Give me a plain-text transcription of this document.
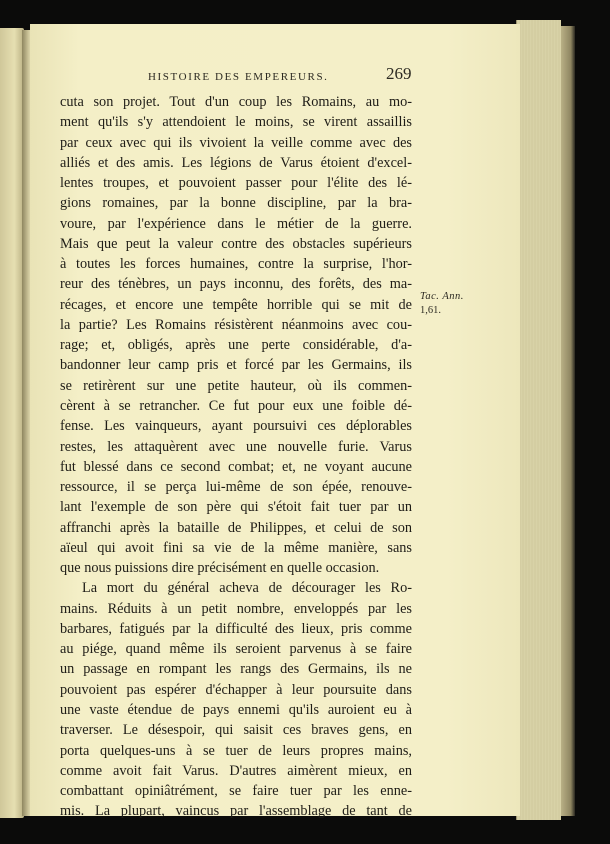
HISTOIRE DES EMPEREURS.	269
cuta son projet. Tout d'un coup les Romains, au mo-
ment qu'ils s'y attendoient le moins, se virent assaillis
par ceux avec qui ils vivoient la veille comme avec des
alliés et des amis. Les légions de Varus étoient d'excel-
lentes troupes, et pouvoient passer pour l'élite des lé-
gions romaines, par la bonne discipline, par la bra-
voure, par l'expérience dans le métier de la guerre.
Mais que peut la valeur contre des obstacles supérieurs
à toutes les forces humaines, contre la surprise, l'hor-
reur des ténèbres, un pays inconnu, des forêts, des ma-
récages, et encore une tempête horrible qui se mit de
la partie? Les Romains résistèrent néanmoins avec cou-
rage; et, obligés, après une perte considérable, d'a-
bandonner leur camp pris et forcé par les Germains, ils
se retirèrent sur une petite hauteur, où ils commen-
cèrent à se retrancher. Ce fut pour eux une foible dé-
fense. Les vainqueurs, ayant poursuivi ces déplorables
restes, les attaquèrent avec une nouvelle furie. Varus
fut blessé dans ce second combat; et, ne voyant aucune
ressource, il se perça lui-même de son épée, renouve-
lant l'exemple de son père qui s'étoit fait tuer par un
affranchi après la bataille de Philippes, et celui de son
aïeul qui avoit fini sa vie de la même manière, sans
que nous puissions dire précisément en quelle occasion.
La mort du général acheva de décourager les Ro-
mains. Réduits à un petit nombre, enveloppés par les
barbares, fatigués par la difficulté des lieux, pris comme
au piége, quand même ils seroient parvenus à se faire
un passage en rompant les rangs des Germains, ils ne
pouvoient pas espérer d'échapper à leur poursuite dans
une vaste étendue de pays ennemi qu'ils auroient eu à
traverser. Le désespoir, qui saisit ces braves gens, en
porta quelques-uns à se tuer de leurs propres mains,
comme avoit fait Varus. D'autres aimèrent mieux, en
combattant opiniâtrément, se faire tuer par les enne-
mis. La plupart, vaincus par l'assemblage de tant de
Tac. Ann.
1,61.
